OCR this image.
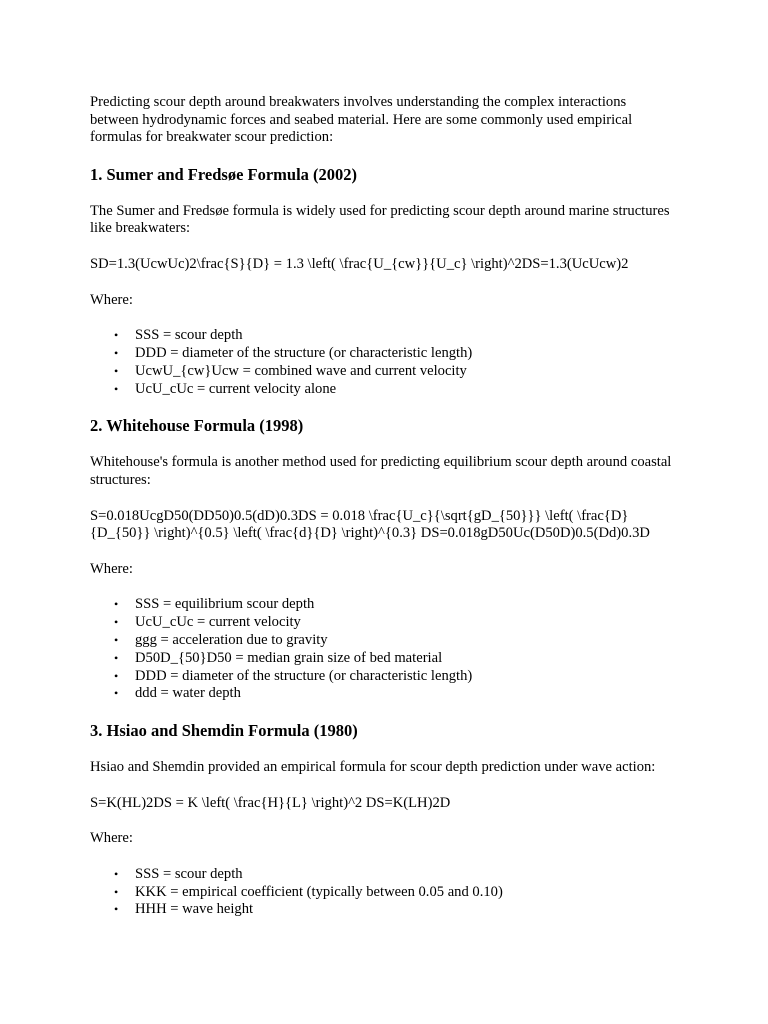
Predicting scour depth around breakwaters involves understanding the complex interactions between hydrodynamic forces and seabed material. Here are some commonly used empirical formulas for breakwater scour prediction:

1. Sumer and Fredsøe Formula (2002)

The Sumer and Fredsøe formula is widely used for predicting scour depth around marine structures like breakwaters:

SD=1.3(UcwUc)2\frac{S}{D} = 1.3 \left( \frac{U_{cw}}{U_c} \right)^2DS=1.3(UcUcw)2

Where:

• SSS = scour depth
• DDD = diameter of the structure (or characteristic length)
• UcwU_{cw}Ucw = combined wave and current velocity
• UcU_cUc = current velocity alone
2. Whitehouse Formula (1998)

Whitehouse's formula is another method used for predicting equilibrium scour depth around coastal structures:

S=0.018UcgD50(DD50)0.5(dD)0.3DS = 0.018 \frac{U_c}{\sqrt{gD_{50}}} \left( \frac{D}{D_{50}} \right)^{0.5} \left( \frac{d}{D} \right)^{0.3} DS=0.018gD50Uc(D50D)0.5(Dd)0.3D

Where:

• SSS = equilibrium scour depth
• UcU_cUc = current velocity
• ggg = acceleration due to gravity
• D50D_{50}D50 = median grain size of bed material
• DDD = diameter of the structure (or characteristic length)
• ddd = water depth
3. Hsiao and Shemdin Formula (1980)

Hsiao and Shemdin provided an empirical formula for scour depth prediction under wave action:

S=K(HL)2DS = K \left( \frac{H}{L} \right)^2 DS=K(LH)2D

Where:

• SSS = scour depth
• KKK = empirical coefficient (typically between 0.05 and 0.10)
• HHH = wave height
